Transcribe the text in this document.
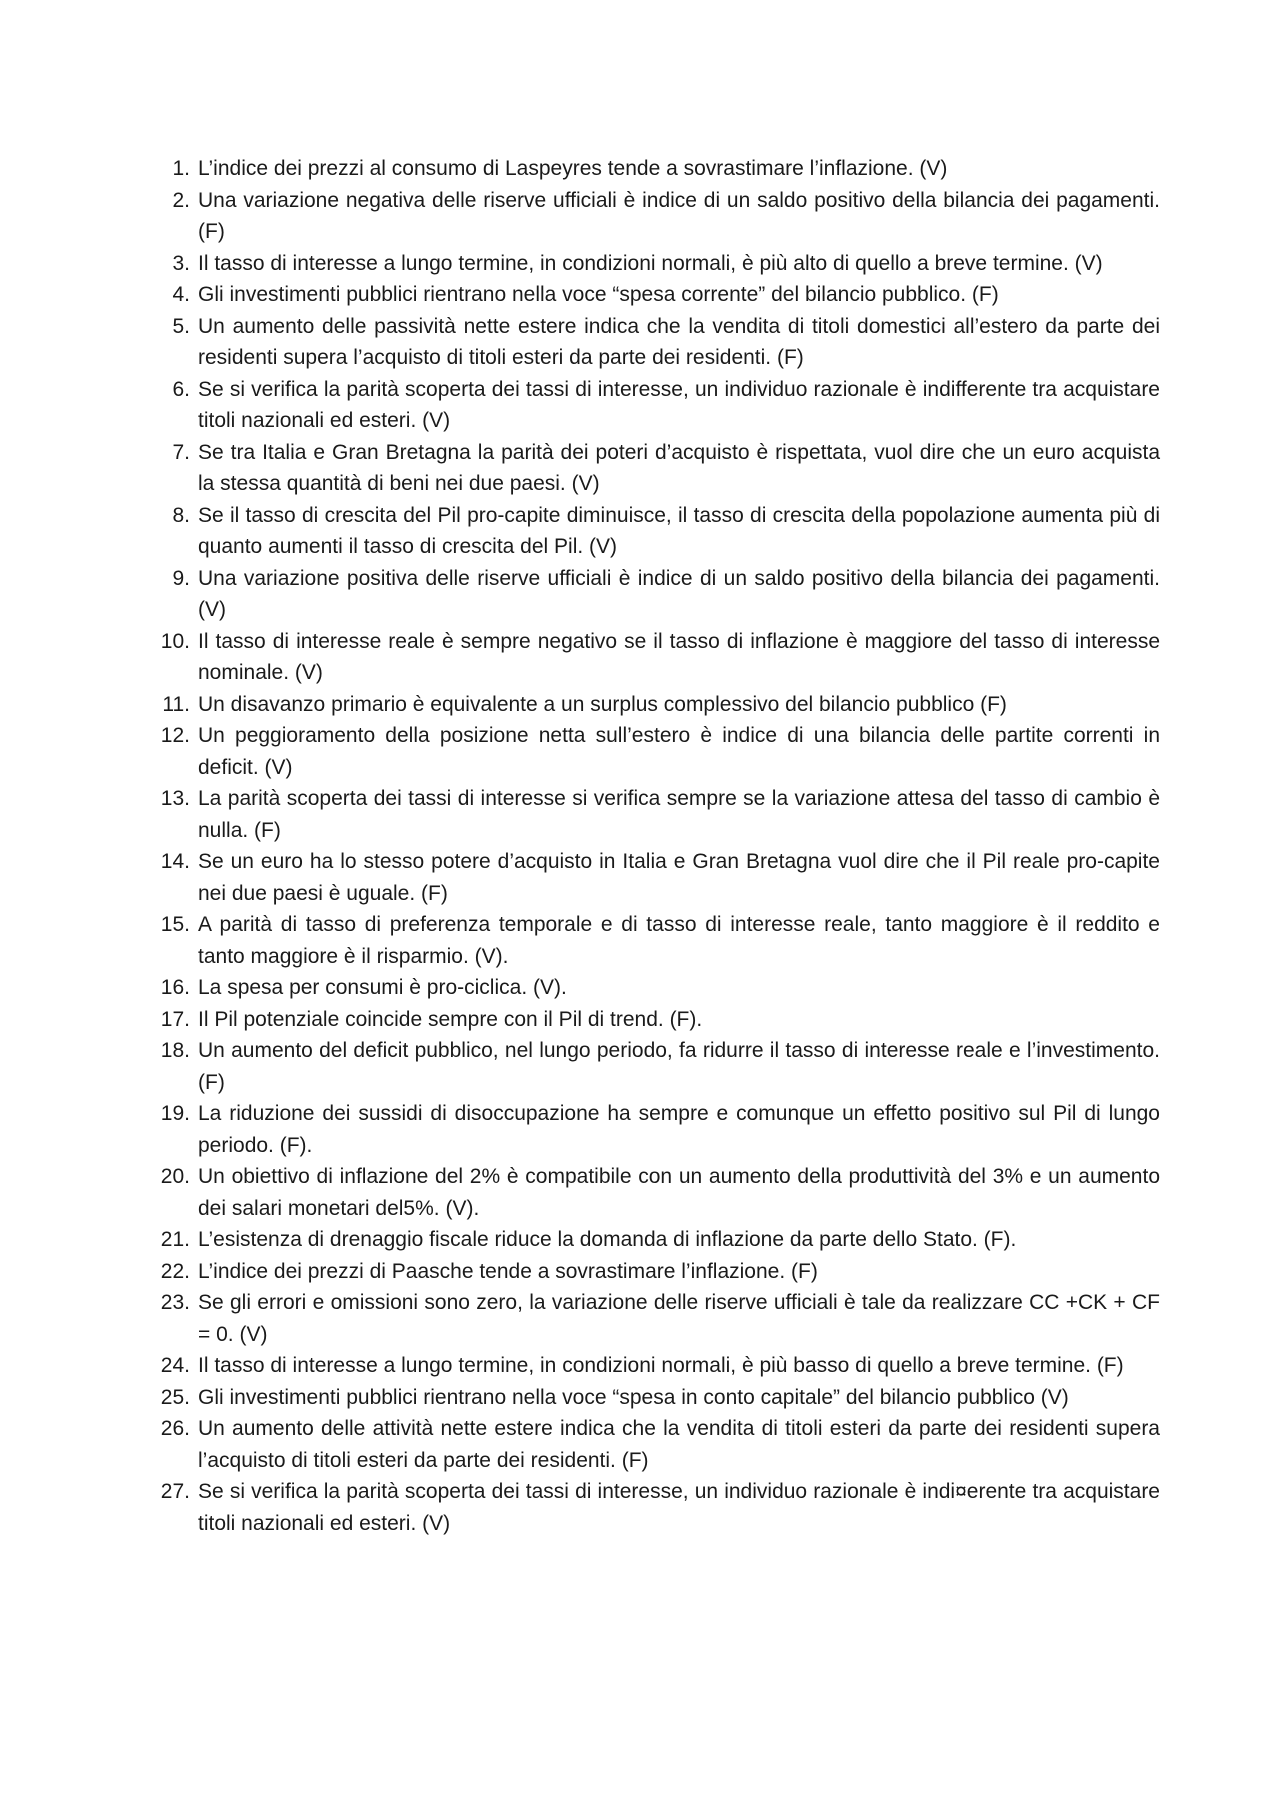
1. L’indice dei prezzi al consumo di Laspeyres tende a sovrastimare l’inflazione. (V)
2. Una variazione negativa delle riserve ufficiali è indice di un saldo positivo della bilancia dei pagamenti. (F)
3. Il tasso di interesse a lungo termine, in condizioni normali, è più alto di quello a breve termine. (V)
4. Gli investimenti pubblici rientrano nella voce “spesa corrente” del bilancio pubblico. (F)
5. Un aumento delle passività nette estere indica che la vendita di titoli domestici all’estero da parte dei residenti supera l’acquisto di titoli esteri da parte dei residenti. (F)
6. Se si verifica la parità scoperta dei tassi di interesse, un individuo razionale è indifferente tra acquistare titoli nazionali ed esteri. (V)
7. Se tra Italia e Gran Bretagna la parità dei poteri d’acquisto è rispettata, vuol dire che un euro acquista la stessa quantità di beni nei due paesi. (V)
8. Se il tasso di crescita del Pil pro-capite diminuisce, il tasso di crescita della popolazione aumenta più di quanto aumenti il tasso di crescita del Pil. (V)
9. Una variazione positiva delle riserve ufficiali è indice di un saldo positivo della bilancia dei pagamenti. (V)
10. Il tasso di interesse reale è sempre negativo se il tasso di inflazione è maggiore del tasso di interesse nominale. (V)
11. Un disavanzo primario è equivalente a un surplus complessivo del bilancio pubblico (F)
12. Un peggioramento della posizione netta sull’estero è indice di una bilancia delle partite correnti in deficit. (V)
13. La parità scoperta dei tassi di interesse si verifica sempre se la variazione attesa del tasso di cambio è nulla. (F)
14. Se un euro ha lo stesso potere d’acquisto in Italia e Gran Bretagna vuol dire che il Pil reale pro-capite nei due paesi è uguale. (F)
15. A parità di tasso di preferenza temporale e di tasso di interesse reale, tanto maggiore è il reddito e tanto maggiore è il risparmio. (V).
16. La spesa per consumi è pro-ciclica. (V).
17. Il Pil potenziale coincide sempre con il Pil di trend. (F).
18. Un aumento del deficit pubblico, nel lungo periodo, fa ridurre il tasso di interesse reale e l’investimento. (F)
19. La riduzione dei sussidi di disoccupazione ha sempre e comunque un effetto positivo sul Pil di lungo periodo. (F).
20. Un obiettivo di inflazione del 2% è compatibile con un aumento della produttività del 3% e un aumento dei salari monetari del5%. (V).
21. L’esistenza di drenaggio fiscale riduce la domanda di inflazione da parte dello Stato. (F).
22. L’indice dei prezzi di Paasche tende a sovrastimare l’inflazione. (F)
23. Se gli errori e omissioni sono zero, la variazione delle riserve ufficiali è tale da realizzare CC +CK + CF = 0. (V)
24. Il tasso di interesse a lungo termine, in condizioni normali, è più basso di quello a breve termine. (F)
25. Gli investimenti pubblici rientrano nella voce “spesa in conto capitale” del bilancio pubblico (V)
26. Un aumento delle attività nette estere indica che la vendita di titoli esteri da parte dei residenti supera l’acquisto di titoli esteri da parte dei residenti. (F)
27. Se si verifica la parità scoperta dei tassi di interesse, un individuo razionale è indi¤erente tra acquistare titoli nazionali ed esteri. (V)
